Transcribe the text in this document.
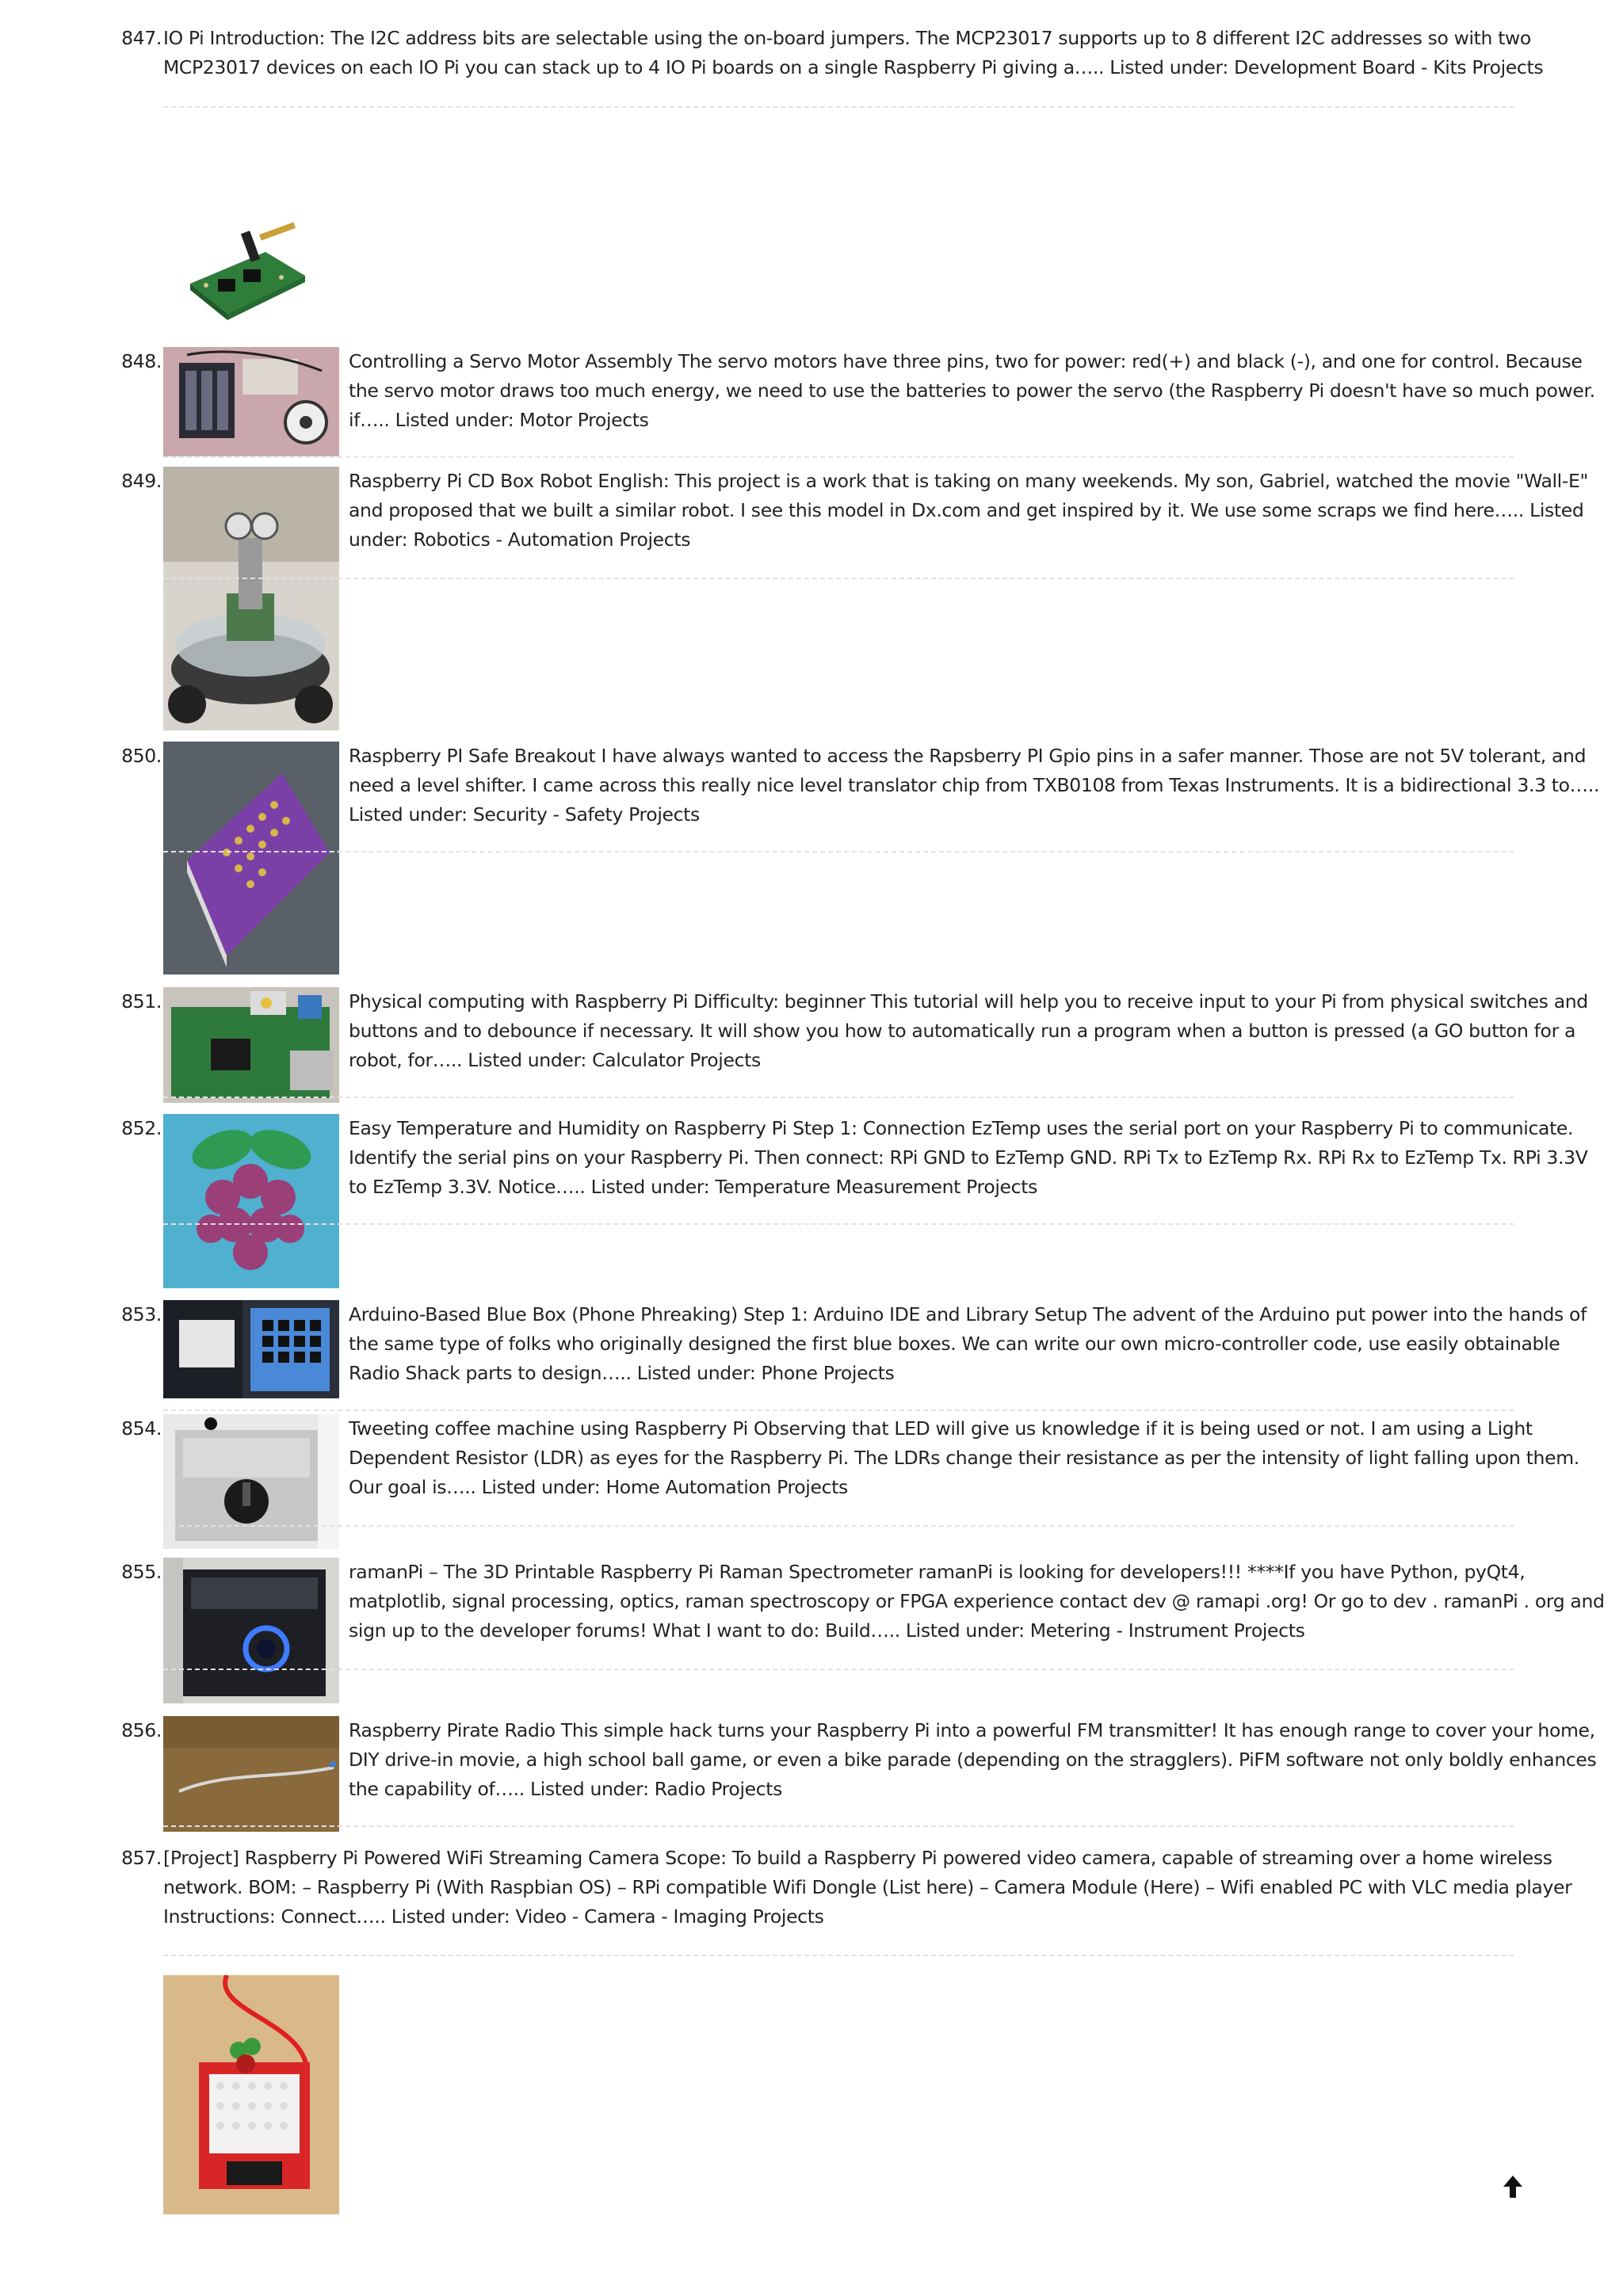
847. IO Pi Introduction: The I2C address bits are selectable using the on-board jumpers. The MCP23017 supports up to 8 different I2C addresses so with two
MCP23017 devices on each IO Pi you can stack up to 4 IO Pi boards on a single Raspberry Pi giving a….. Listed under: Development Board - Kits Projects
848.	Controlling a Servo Motor Assembly The servo motors have three pins, two for power: red(+) and black (-), and one for control. Because
the servo motor draws too much energy, we need to use the batteries to power the servo (the Raspberry Pi doesn't have so much power.
if….. Listed under: Motor Projects
849.	Raspberry Pi CD Box Robot English: This project is a work that is taking on many weekends. My son, Gabriel, watched the movie "Wall-E"
and proposed that we built a similar robot. I see this model in Dx.com and get inspired by it. We use some scraps we find here….. Listed
under: Robotics - Automation Projects
850.	Raspberry PI Safe Breakout I have always wanted to access the Rapsberry PI Gpio pins in a safer manner. Those are not 5V tolerant, and
need a level shifter. I came across this really nice level translator chip from TXB0108 from Texas Instruments. It is a bidirectional 3.3 to…..
Listed under: Security - Safety Projects
851.	Physical computing with Raspberry Pi Difficulty: beginner This tutorial will help you to receive input to your Pi from physical switches and
buttons and to debounce if necessary. It will show you how to automatically run a program when a button is pressed (a GO button for a
robot, for….. Listed under: Calculator Projects
852.	Easy Temperature and Humidity on Raspberry Pi Step 1: Connection EzTemp uses the serial port on your Raspberry Pi to communicate.
Identify the serial pins on your Raspberry Pi. Then connect: RPi GND to EzTemp GND. RPi Tx to EzTemp Rx. RPi Rx to EzTemp Tx. RPi 3.3V
to EzTemp 3.3V. Notice….. Listed under: Temperature Measurement Projects
853.	Arduino-Based Blue Box (Phone Phreaking) Step 1: Arduino IDE and Library Setup The advent of the Arduino put power into the hands of
the same type of folks who originally designed the first blue boxes. We can write our own micro-controller code, use easily obtainable
Radio Shack parts to design….. Listed under: Phone Projects
854.	Tweeting coffee machine using Raspberry Pi Observing that LED will give us knowledge if it is being used or not. I am using a Light
Dependent Resistor (LDR) as eyes for the Raspberry Pi. The LDRs change their resistance as per the intensity of light falling upon them.
Our goal is….. Listed under: Home Automation Projects
855.	ramanPi – The 3D Printable Raspberry Pi Raman Spectrometer ramanPi is looking for developers!!! ****If you have Python, pyQt4,
matplotlib, signal processing, optics, raman spectroscopy or FPGA experience contact dev @ ramapi .org! Or go to dev . ramanPi . org and
sign up to the developer forums! What I want to do: Build….. Listed under: Metering - Instrument Projects
856.	Raspberry Pirate Radio This simple hack turns your Raspberry Pi into a powerful FM transmitter! It has enough range to cover your home,
DIY drive-in movie, a high school ball game, or even a bike parade (depending on the stragglers). PiFM software not only boldly enhances
the capability of….. Listed under: Radio Projects
857. [Project] Raspberry Pi Powered WiFi Streaming Camera Scope: To build a Raspberry Pi powered video camera, capable of streaming over a home wireless
network. BOM: – Raspberry Pi (With Raspbian OS) – RPi compatible Wifi Dongle (List here) – Camera Module (Here) – Wifi enabled PC with VLC media player
Instructions: Connect….. Listed under: Video - Camera - Imaging Projects
